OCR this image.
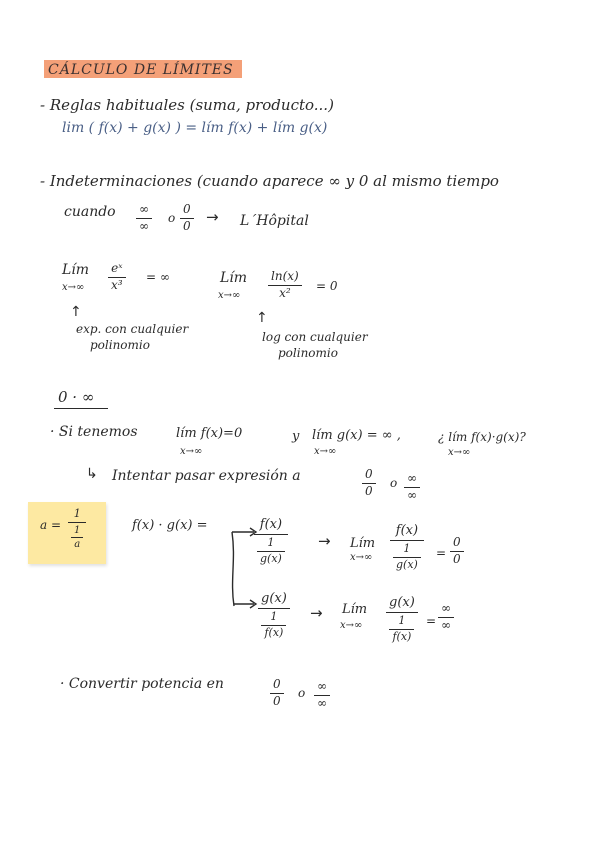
CÁLCULO DE LÍMITES
- Reglas habituales (suma, producto...)
lim ( f(x) + g(x) ) = lím f(x) + lím g(x)
- Indeterminaciones (cuando aparece ∞ y 0 al mismo tiempo
cuando ∞
∞
o
0
0 → L´Hôpital
Lím
x→∞
eˣ
x³
= ∞	Lím
x→∞
ln(x)
x² = 0
↑
exp. con cualquier
polinomio
↑
log con cualquier
polinomio
0 · ∞
· Si tenemos	lím f(x)=0
x→∞
y lím g(x) = ∞ ,
x→∞
¿ lím f(x)·g(x)?
x→∞
↳ Intentar pasar expresión a	0
0
o ∞
∞
a =
1
$\frac{1}{a}$	f(x) · g(x) =	f(x)
$\frac{1}{g(x)}$ → Lím
x→∞
f(x)
$\frac{1}{g(x)}$ =
0
0
g(x)
$\frac{1}{f(x)}$ → Lím
x→∞
g(x)
$\frac{1}{f(x)}$ =
∞
∞
· Convertir potencia en	0
0
o ∞
∞
